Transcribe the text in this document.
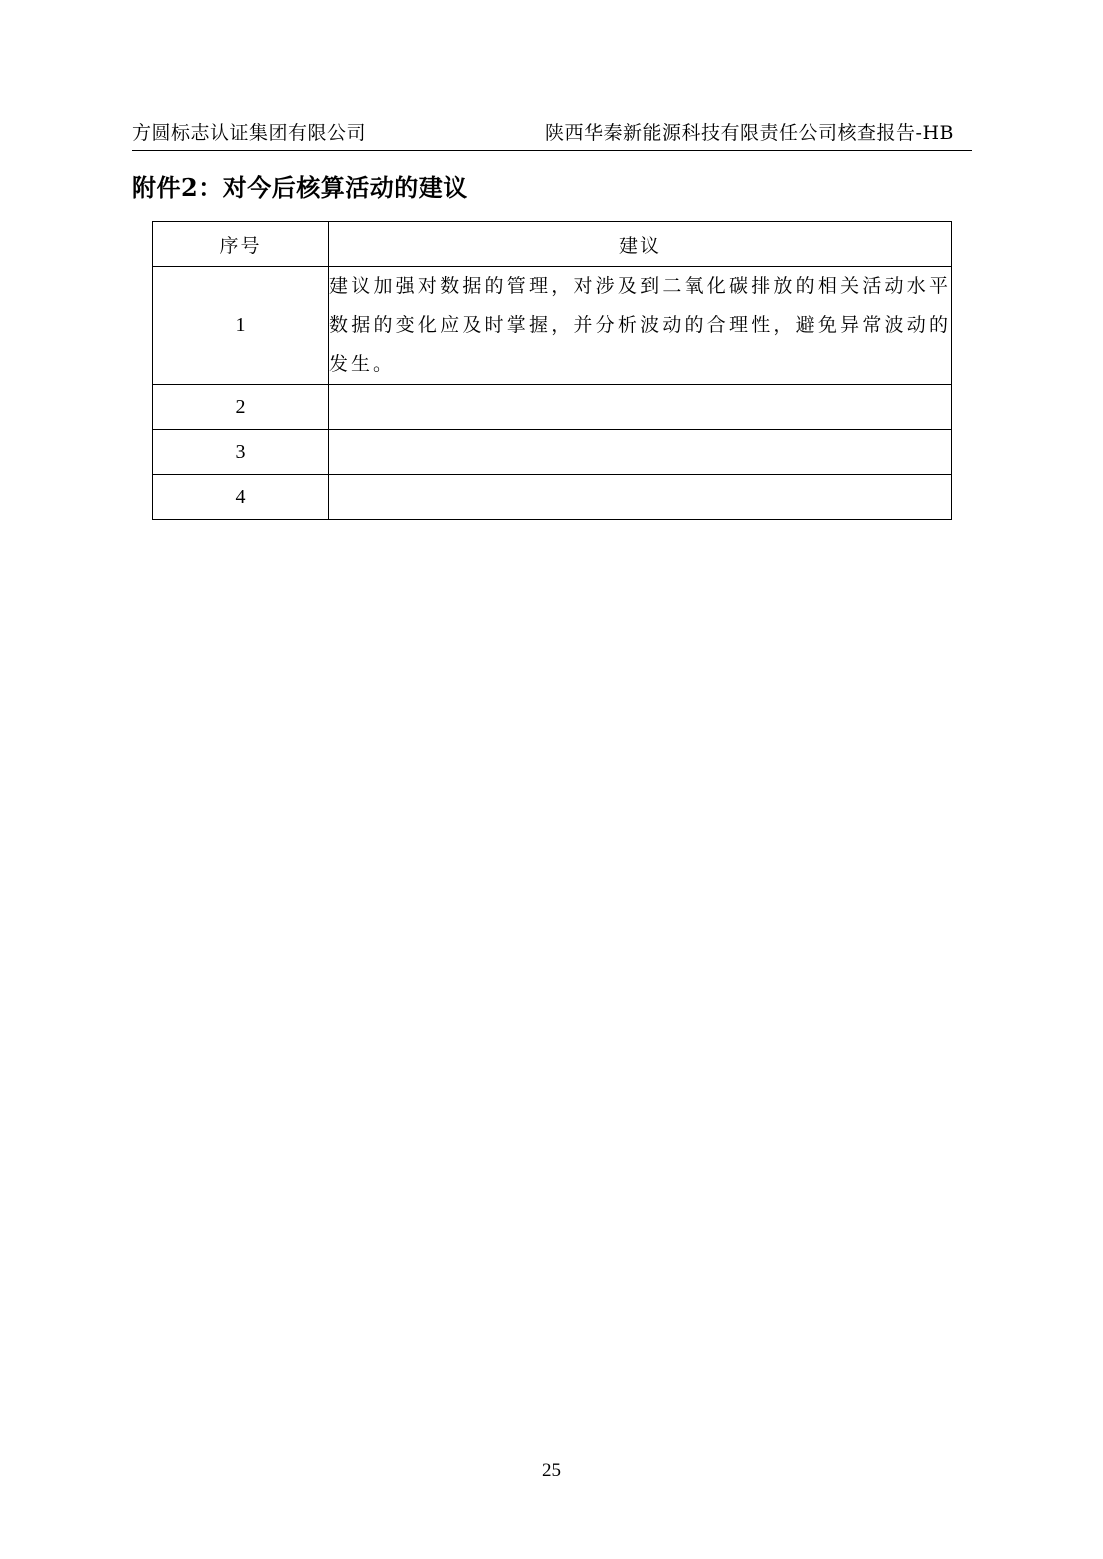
方圆标志认证集团有限公司	陕西华秦新能源科技有限责任公司核查报告-HB
附件2：对今后核算活动的建议
序号	建议
1	建议加强对数据的管理，对涉及到二氧化碳排放的相关活动水平数据的变化应及时掌握，并分析波动的合理性，避免异常波动的发生。
2	
3	
4	
25
